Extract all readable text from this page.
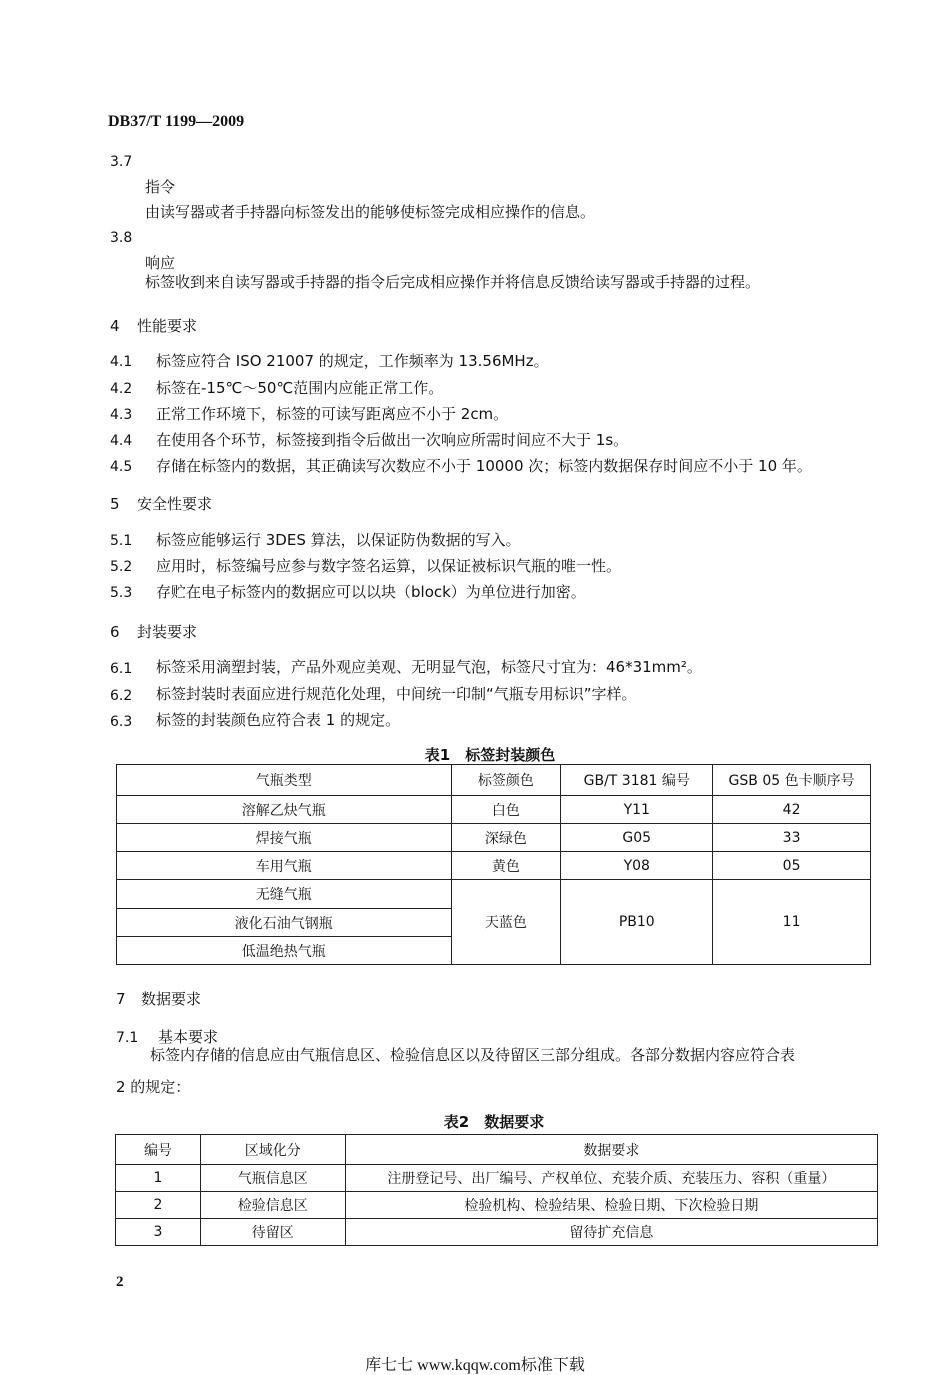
DB37/T 1199—2009
3.7
指令
由读写器或者手持器向标签发出的能够使标签完成相应操作的信息。
3.8
响应
标签收到来自读写器或手持器的指令后完成相应操作并将信息反馈给读写器或手持器的过程。
4 性能要求
4.1 标签应符合 ISO 21007 的规定，工作频率为 13.56MHz。
4.2 标签在-15℃～50℃范围内应能正常工作。
4.3 正常工作环境下，标签的可读写距离应不小于 2cm。
4.4 在使用各个环节，标签接到指令后做出一次响应所需时间应不大于 1s。
4.5 存储在标签内的数据，其正确读写次数应不小于 10000 次；标签内数据保存时间应不小于 10 年。
5 安全性要求
5.1 标签应能够运行 3DES 算法，以保证防伪数据的写入。
5.2 应用时，标签编号应参与数字签名运算，以保证被标识气瓶的唯一性。
5.3 存贮在电子标签内的数据应可以以块（block）为单位进行加密。
6 封装要求
6.1 标签采用滴塑封装，产品外观应美观、无明显气泡，标签尺寸宜为：46*31mm²。
6.2 标签封装时表面应进行规范化处理，中间统一印制“气瓶专用标识”字样。
6.3 标签的封装颜色应符合表 1 的规定。
表1　标签封装颜色
气瓶类型	标签颜色	GB/T 3181 编号	GSB 05 色卡顺序号
溶解乙炔气瓶	白色	Y11	42
焊接气瓶	深绿色	G05	33
车用气瓶	黄色	Y08	05
无缝气瓶	天蓝色	PB10	11
液化石油气钢瓶			
低温绝热气瓶			
7 数据要求
7.1 基本要求
标签内存储的信息应由气瓶信息区、检验信息区以及待留区三部分组成。各部分数据内容应符合表
2 的规定：
表2　数据要求
编号	区域化分	数据要求
1	气瓶信息区	注册登记号、出厂编号、产权单位、充装介质、充装压力、容积（重量）
2	检验信息区	检验机构、检验结果、检验日期、下次检验日期
3	待留区	留待扩充信息
2
库七七 www.kqqw.com标准下载
